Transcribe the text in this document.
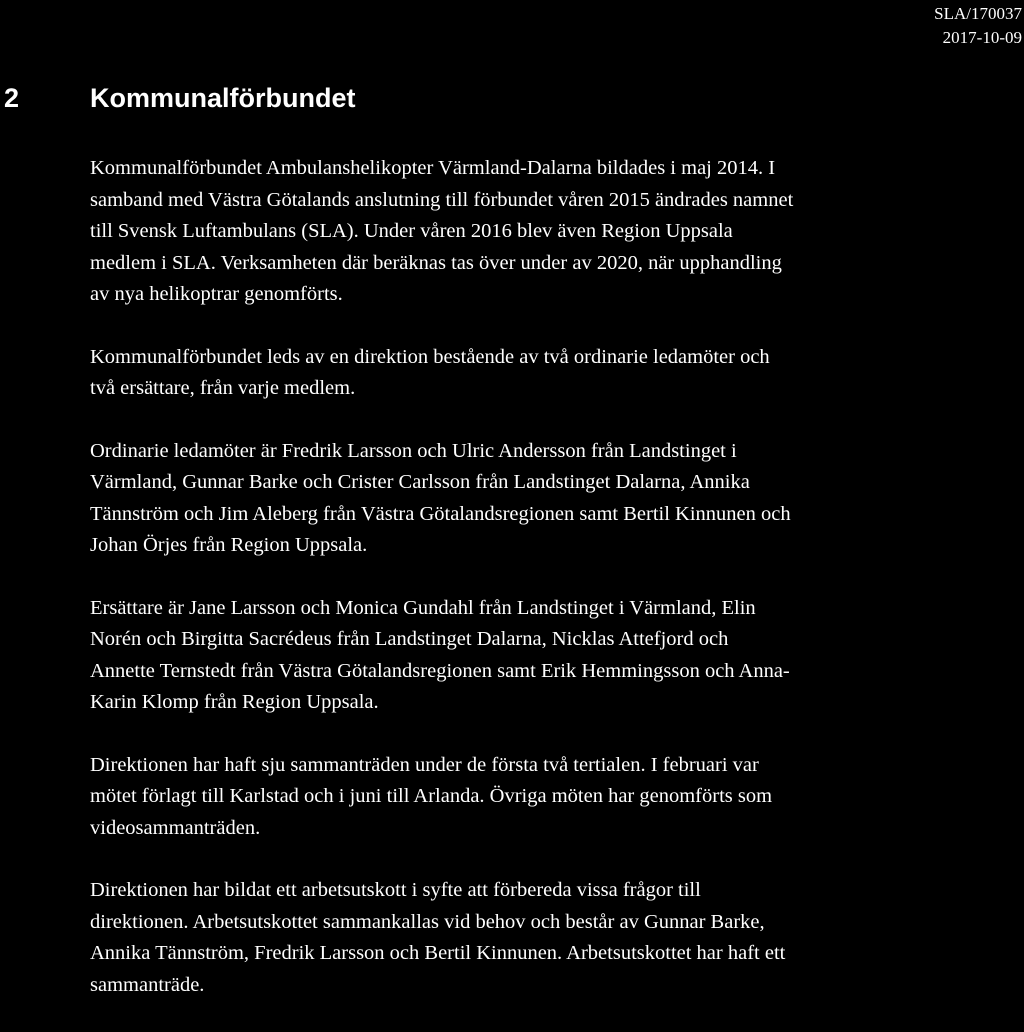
SLA/170037
2017-10-09
2	Kommunalförbundet

Kommunalförbundet Ambulanshelikopter Värmland-Dalarna bildades i maj 2014. I
samband med Västra Götalands anslutning till förbundet våren 2015 ändrades namnet
till Svensk Luftambulans (SLA). Under våren 2016 blev även Region Uppsala
medlem i SLA. Verksamheten där beräknas tas över under av 2020, när upphandling
av nya helikoptrar genomförts.

Kommunalförbundet leds av en direktion bestående av två ordinarie ledamöter och
två ersättare, från varje medlem.

Ordinarie ledamöter är Fredrik Larsson och Ulric Andersson från Landstinget i
Värmland, Gunnar Barke och Crister Carlsson från Landstinget Dalarna, Annika
Tännström och Jim Aleberg från Västra Götalandsregionen samt Bertil Kinnunen och
Johan Örjes från Region Uppsala.

Ersättare är Jane Larsson och Monica Gundahl från Landstinget i Värmland, Elin
Norén och Birgitta Sacrédeus från Landstinget Dalarna, Nicklas Attefjord och
Annette Ternstedt från Västra Götalandsregionen samt Erik Hemmingsson och Anna-
Karin Klomp från Region Uppsala.

Direktionen har haft sju sammanträden under de första två tertialen. I februari var
mötet förlagt till Karlstad och i juni till Arlanda. Övriga möten har genomförts som
videosammanträden.

Direktionen har bildat ett arbetsutskott i syfte att förbereda vissa frågor till
direktionen. Arbetsutskottet sammankallas vid behov och består av Gunnar Barke,
Annika Tännström, Fredrik Larsson och Bertil Kinnunen. Arbetsutskottet har haft ett
sammanträde.
